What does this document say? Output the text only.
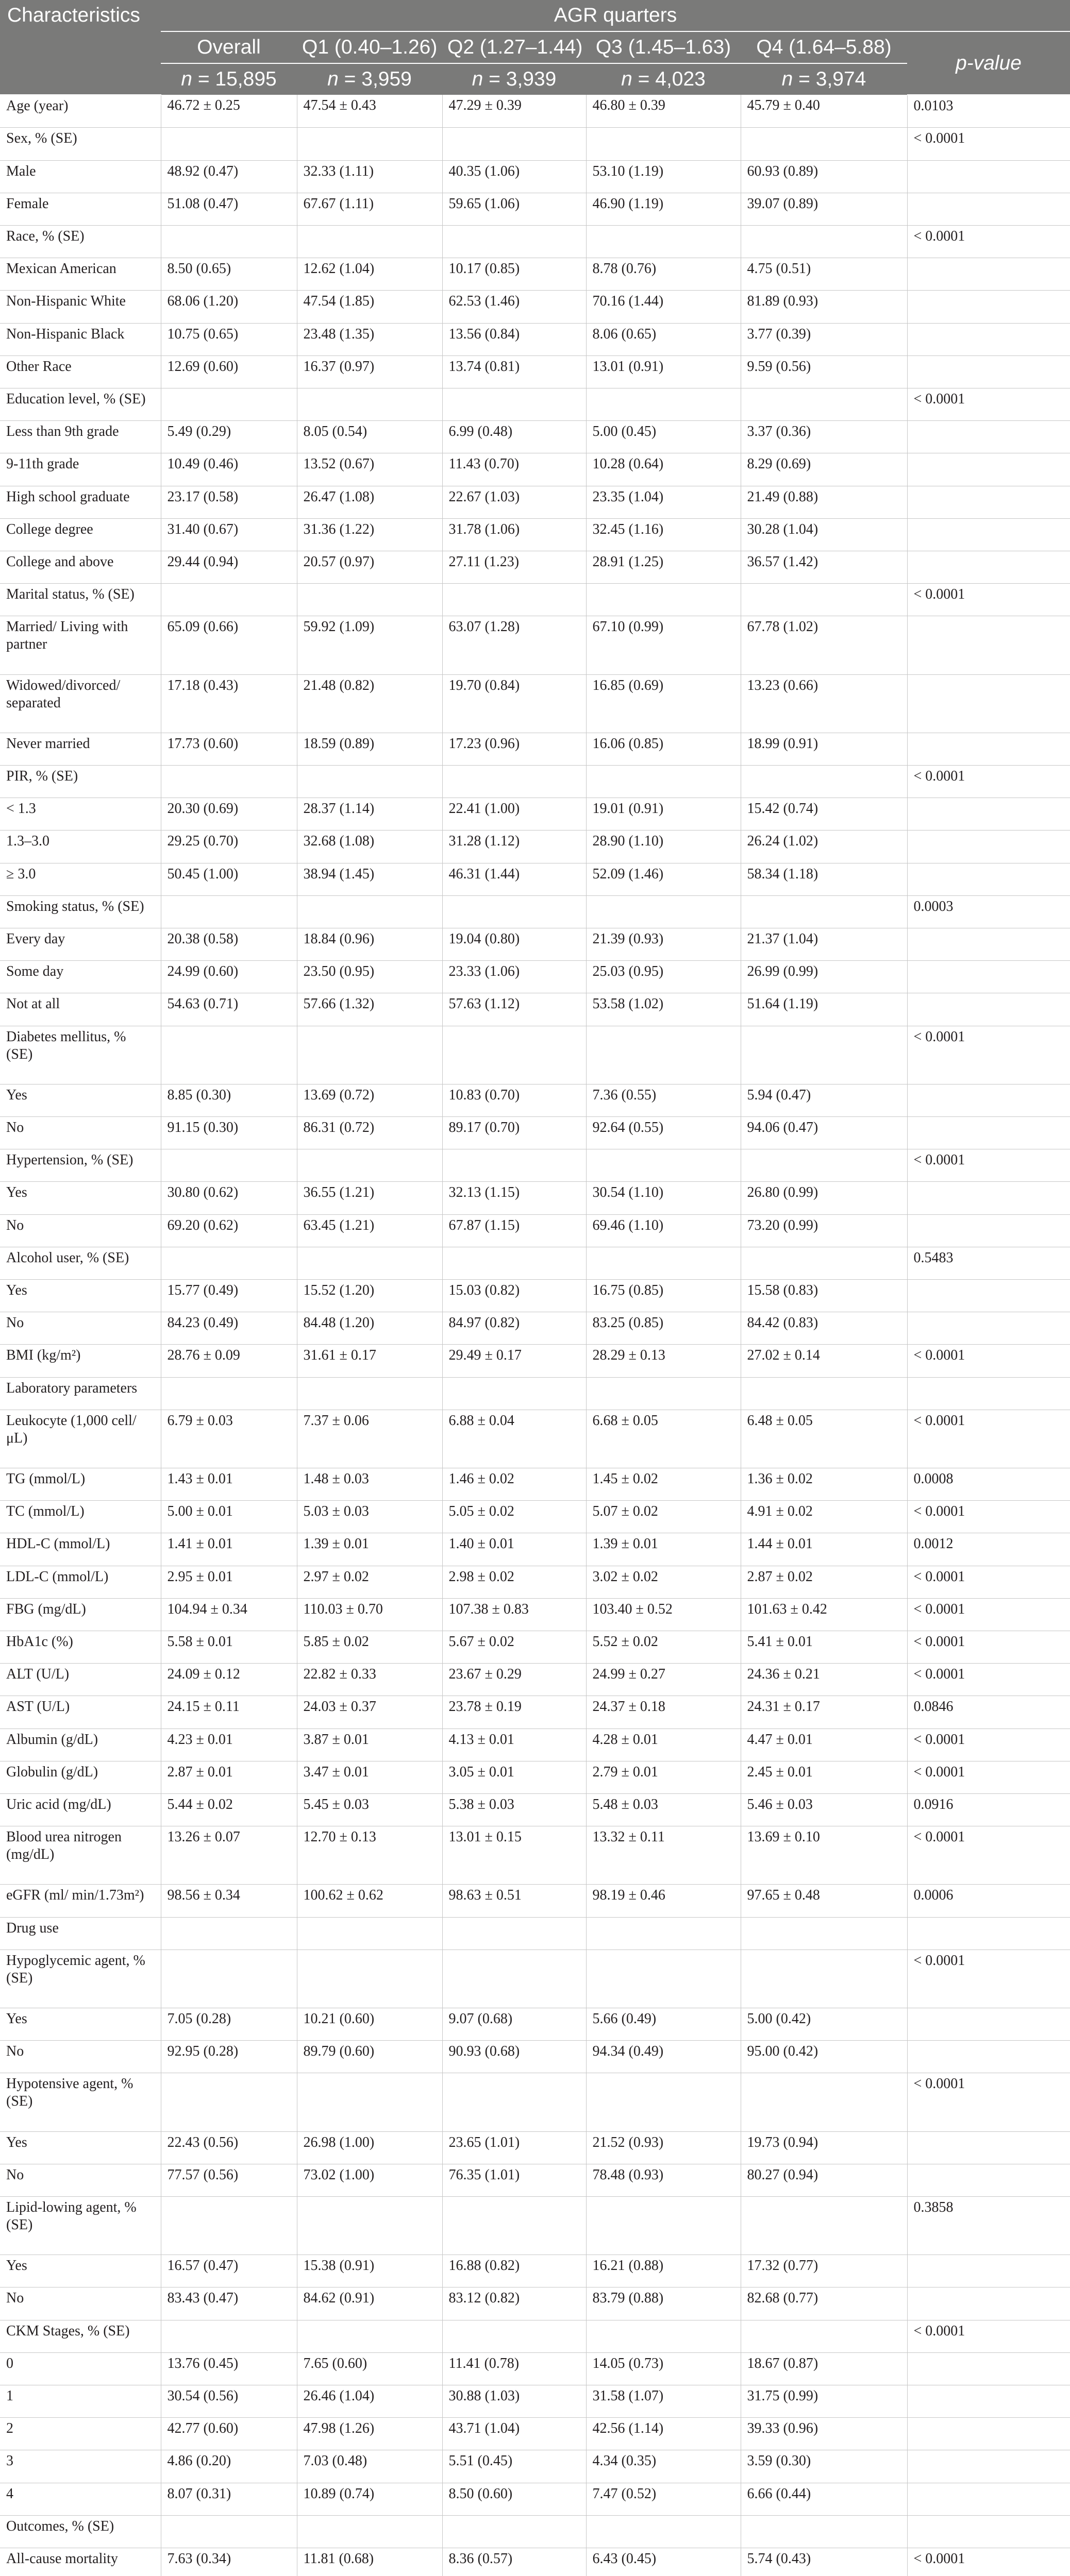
Characteristics	AGR quarters					
	Overall	Q1 (0.40–1.26)	Q2 (1.27–1.44)	Q3 (1.45–1.63)	Q4 (1.64–5.88)	p-value
	n = 15,895	n = 3,959	n = 3,939	n = 4,023	n = 3,974	
Age (year)	46.72 ± 0.25	47.54 ± 0.43	47.29 ± 0.39	46.80 ± 0.39	45.79 ± 0.40	0.0103
Sex, % (SE)						< 0.0001
Male	48.92 (0.47)	32.33 (1.11)	40.35 (1.06)	53.10 (1.19)	60.93 (0.89)	
Female	51.08 (0.47)	67.67 (1.11)	59.65 (1.06)	46.90 (1.19)	39.07 (0.89)	
Race, % (SE)						< 0.0001
Mexican American	8.50 (0.65)	12.62 (1.04)	10.17 (0.85)	8.78 (0.76)	4.75 (0.51)	
Non-Hispanic White	68.06 (1.20)	47.54 (1.85)	62.53 (1.46)	70.16 (1.44)	81.89 (0.93)	
Non-Hispanic Black	10.75 (0.65)	23.48 (1.35)	13.56 (0.84)	8.06 (0.65)	3.77 (0.39)	
Other Race	12.69 (0.60)	16.37 (0.97)	13.74 (0.81)	13.01 (0.91)	9.59 (0.56)	
Education level, % (SE)						< 0.0001
Less than 9th grade	5.49 (0.29)	8.05 (0.54)	6.99 (0.48)	5.00 (0.45)	3.37 (0.36)	
9-11th grade	10.49 (0.46)	13.52 (0.67)	11.43 (0.70)	10.28 (0.64)	8.29 (0.69)	
High school graduate	23.17 (0.58)	26.47 (1.08)	22.67 (1.03)	23.35 (1.04)	21.49 (0.88)	
College degree	31.40 (0.67)	31.36 (1.22)	31.78 (1.06)	32.45 (1.16)	30.28 (1.04)	
College and above	29.44 (0.94)	20.57 (0.97)	27.11 (1.23)	28.91 (1.25)	36.57 (1.42)	
Marital status, % (SE)						< 0.0001
Married/ Living with partner	65.09 (0.66)	59.92 (1.09)	63.07 (1.28)	67.10 (0.99)	67.78 (1.02)	
Widowed/divorced/ separated	17.18 (0.43)	21.48 (0.82)	19.70 (0.84)	16.85 (0.69)	13.23 (0.66)	
Never married	17.73 (0.60)	18.59 (0.89)	17.23 (0.96)	16.06 (0.85)	18.99 (0.91)	
PIR, % (SE)						< 0.0001
< 1.3	20.30 (0.69)	28.37 (1.14)	22.41 (1.00)	19.01 (0.91)	15.42 (0.74)	
1.3–3.0	29.25 (0.70)	32.68 (1.08)	31.28 (1.12)	28.90 (1.10)	26.24 (1.02)	
≥ 3.0	50.45 (1.00)	38.94 (1.45)	46.31 (1.44)	52.09 (1.46)	58.34 (1.18)	
Smoking status, % (SE)						0.0003
Every day	20.38 (0.58)	18.84 (0.96)	19.04 (0.80)	21.39 (0.93)	21.37 (1.04)	
Some day	24.99 (0.60)	23.50 (0.95)	23.33 (1.06)	25.03 (0.95)	26.99 (0.99)	
Not at all	54.63 (0.71)	57.66 (1.32)	57.63 (1.12)	53.58 (1.02)	51.64 (1.19)	
Diabetes mellitus, % (SE)						< 0.0001
Yes	8.85 (0.30)	13.69 (0.72)	10.83 (0.70)	7.36 (0.55)	5.94 (0.47)	
No	91.15 (0.30)	86.31 (0.72)	89.17 (0.70)	92.64 (0.55)	94.06 (0.47)	
Hypertension, % (SE)						< 0.0001
Yes	30.80 (0.62)	36.55 (1.21)	32.13 (1.15)	30.54 (1.10)	26.80 (0.99)	
No	69.20 (0.62)	63.45 (1.21)	67.87 (1.15)	69.46 (1.10)	73.20 (0.99)	
Alcohol user, % (SE)						0.5483
Yes	15.77 (0.49)	15.52 (1.20)	15.03 (0.82)	16.75 (0.85)	15.58 (0.83)	
No	84.23 (0.49)	84.48 (1.20)	84.97 (0.82)	83.25 (0.85)	84.42 (0.83)	
BMI (kg/m²)	28.76 ± 0.09	31.61 ± 0.17	29.49 ± 0.17	28.29 ± 0.13	27.02 ± 0.14	< 0.0001
Laboratory parameters						
Leukocyte (1,000 cell/ μL)	6.79 ± 0.03	7.37 ± 0.06	6.88 ± 0.04	6.68 ± 0.05	6.48 ± 0.05	< 0.0001
TG (mmol/L)	1.43 ± 0.01	1.48 ± 0.03	1.46 ± 0.02	1.45 ± 0.02	1.36 ± 0.02	0.0008
TC (mmol/L)	5.00 ± 0.01	5.03 ± 0.03	5.05 ± 0.02	5.07 ± 0.02	4.91 ± 0.02	< 0.0001
HDL-C (mmol/L)	1.41 ± 0.01	1.39 ± 0.01	1.40 ± 0.01	1.39 ± 0.01	1.44 ± 0.01	0.0012
LDL-C (mmol/L)	2.95 ± 0.01	2.97 ± 0.02	2.98 ± 0.02	3.02 ± 0.02	2.87 ± 0.02	< 0.0001
FBG (mg/dL)	104.94 ± 0.34	110.03 ± 0.70	107.38 ± 0.83	103.40 ± 0.52	101.63 ± 0.42	< 0.0001
HbA1c (%)	5.58 ± 0.01	5.85 ± 0.02	5.67 ± 0.02	5.52 ± 0.02	5.41 ± 0.01	< 0.0001
ALT (U/L)	24.09 ± 0.12	22.82 ± 0.33	23.67 ± 0.29	24.99 ± 0.27	24.36 ± 0.21	< 0.0001
AST (U/L)	24.15 ± 0.11	24.03 ± 0.37	23.78 ± 0.19	24.37 ± 0.18	24.31 ± 0.17	0.0846
Albumin (g/dL)	4.23 ± 0.01	3.87 ± 0.01	4.13 ± 0.01	4.28 ± 0.01	4.47 ± 0.01	< 0.0001
Globulin (g/dL)	2.87 ± 0.01	3.47 ± 0.01	3.05 ± 0.01	2.79 ± 0.01	2.45 ± 0.01	< 0.0001
Uric acid (mg/dL)	5.44 ± 0.02	5.45 ± 0.03	5.38 ± 0.03	5.48 ± 0.03	5.46 ± 0.03	0.0916
Blood urea nitrogen (mg/dL)	13.26 ± 0.07	12.70 ± 0.13	13.01 ± 0.15	13.32 ± 0.11	13.69 ± 0.10	< 0.0001
eGFR (ml/ min/1.73m²)	98.56 ± 0.34	100.62 ± 0.62	98.63 ± 0.51	98.19 ± 0.46	97.65 ± 0.48	0.0006
Drug use						
Hypoglycemic agent, % (SE)						< 0.0001
Yes	7.05 (0.28)	10.21 (0.60)	9.07 (0.68)	5.66 (0.49)	5.00 (0.42)	
No	92.95 (0.28)	89.79 (0.60)	90.93 (0.68)	94.34 (0.49)	95.00 (0.42)	
Hypotensive agent, % (SE)						< 0.0001
Yes	22.43 (0.56)	26.98 (1.00)	23.65 (1.01)	21.52 (0.93)	19.73 (0.94)	
No	77.57 (0.56)	73.02 (1.00)	76.35 (1.01)	78.48 (0.93)	80.27 (0.94)	
Lipid-lowing agent, % (SE)						0.3858
Yes	16.57 (0.47)	15.38 (0.91)	16.88 (0.82)	16.21 (0.88)	17.32 (0.77)	
No	83.43 (0.47)	84.62 (0.91)	83.12 (0.82)	83.79 (0.88)	82.68 (0.77)	
CKM Stages, % (SE)						< 0.0001
0	13.76 (0.45)	7.65 (0.60)	11.41 (0.78)	14.05 (0.73)	18.67 (0.87)	
1	30.54 (0.56)	26.46 (1.04)	30.88 (1.03)	31.58 (1.07)	31.75 (0.99)	
2	42.77 (0.60)	47.98 (1.26)	43.71 (1.04)	42.56 (1.14)	39.33 (0.96)	
3	4.86 (0.20)	7.03 (0.48)	5.51 (0.45)	4.34 (0.35)	3.59 (0.30)	
4	8.07 (0.31)	10.89 (0.74)	8.50 (0.60)	7.47 (0.52)	6.66 (0.44)	
Outcomes, % (SE)						
All-cause mortality	7.63 (0.34)	11.81 (0.68)	8.36 (0.57)	6.43 (0.45)	5.74 (0.43)	< 0.0001
